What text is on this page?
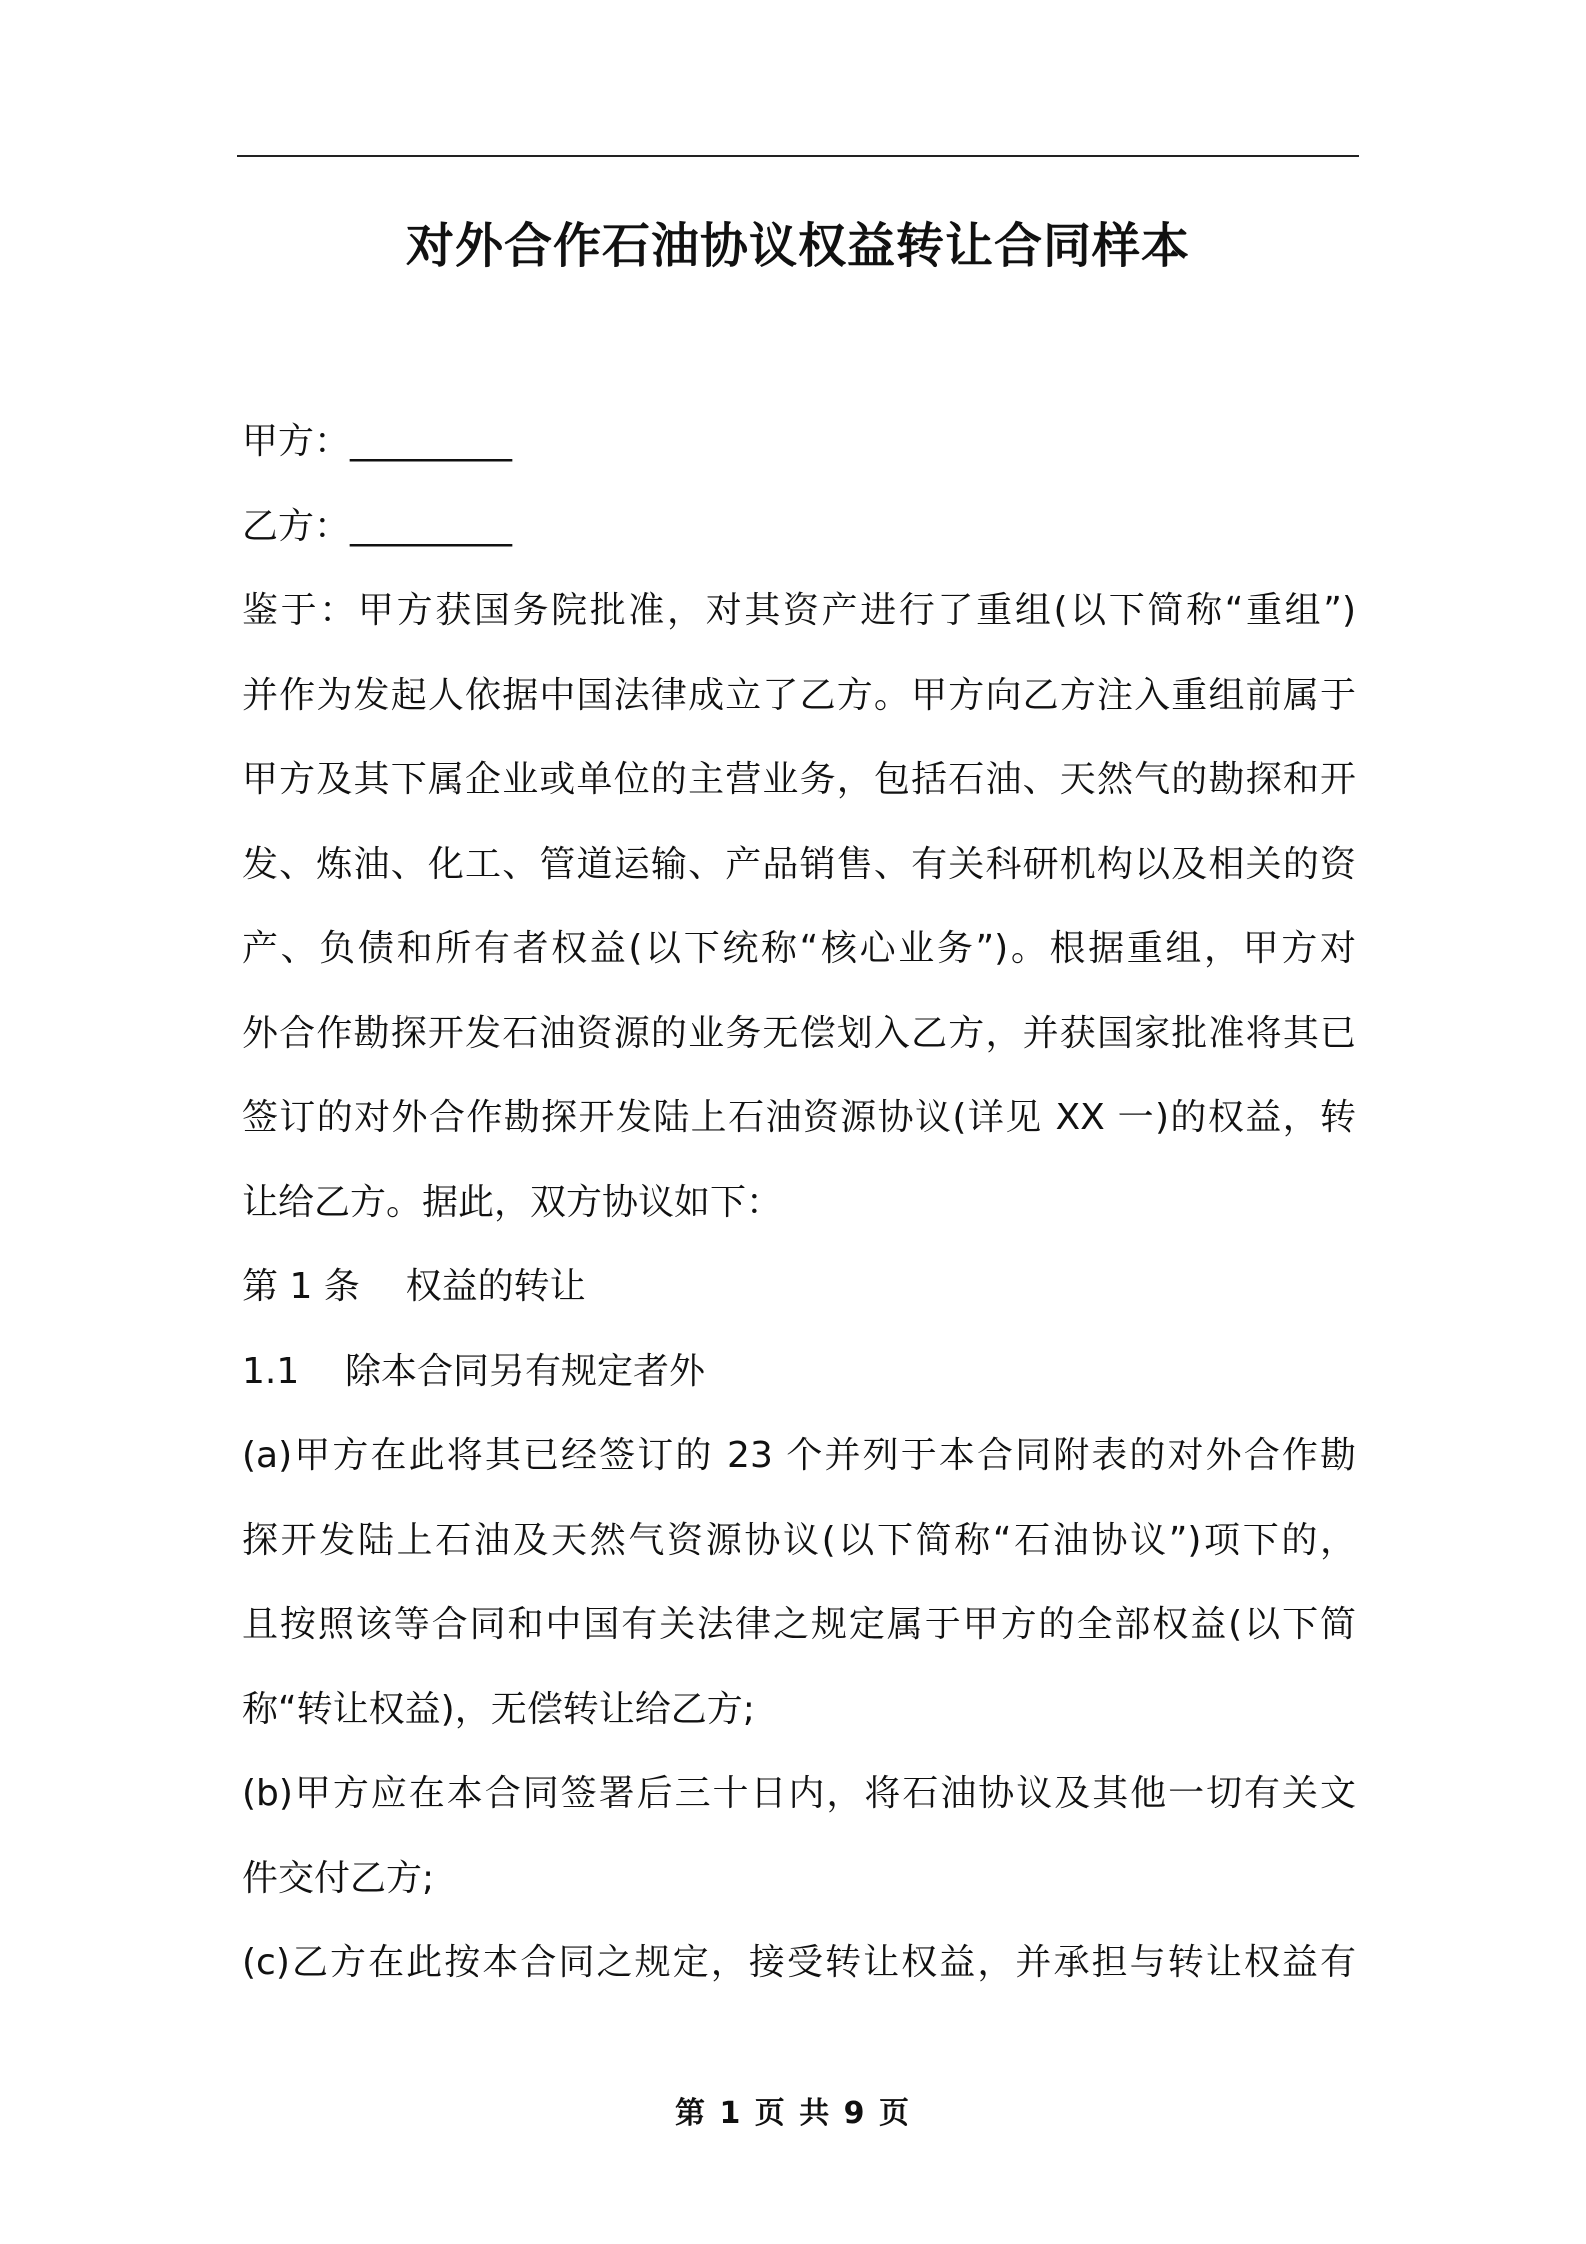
对外合作石油协议权益转让合同样本
甲方：_________
乙方：_________
鉴于：甲方获国务院批准，对其资产进行了重组(以下简称“重组”)
并作为发起人依据中国法律成立了乙方。甲方向乙方注入重组前属于
甲方及其下属企业或单位的主营业务，包括石油、天然气的勘探和开
发、炼油、化工、管道运输、产品销售、有关科研机构以及相关的资
产、负债和所有者权益(以下统称“核心业务”)。根据重组，甲方对
外合作勘探开发石油资源的业务无偿划入乙方，并获国家批准将其已
签订的对外合作勘探开发陆上石油资源协议(详见 XX 一)的权益，转
让给乙方。据此，双方协议如下：
第 1 条    权益的转让
1.1    除本合同另有规定者外
(a)甲方在此将其已经签订的 23 个并列于本合同附表的对外合作勘
探开发陆上石油及天然气资源协议(以下简称“石油协议”)项下的，
且按照该等合同和中国有关法律之规定属于甲方的全部权益(以下简
称“转让权益)，无偿转让给乙方;
(b)甲方应在本合同签署后三十日内，将石油协议及其他一切有关文
件交付乙方;
(c)乙方在此按本合同之规定，接受转让权益，并承担与转让权益有
第 1 页 共 9 页
